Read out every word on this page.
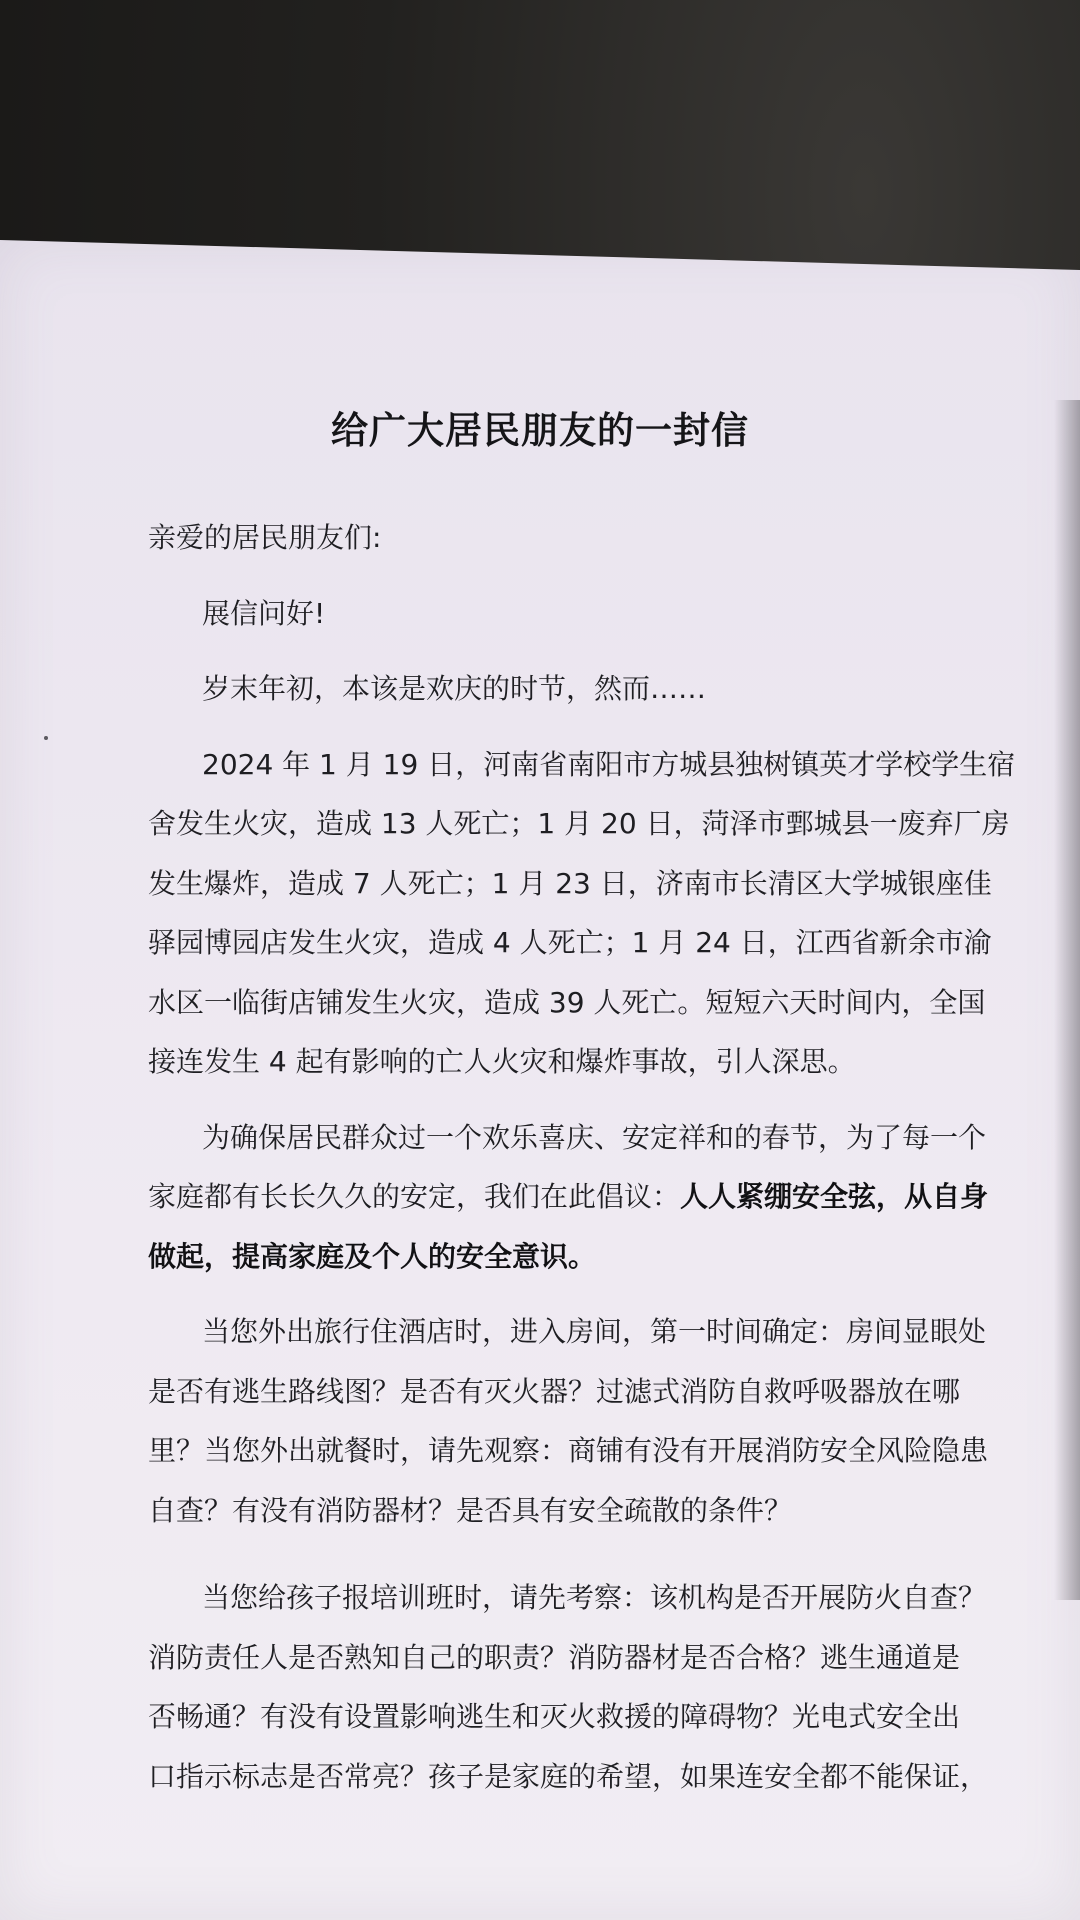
给广大居民朋友的一封信
亲爱的居民朋友们:
展信问好!
岁末年初，本该是欢庆的时节，然而……
2024 年 1 月 19 日，河南省南阳市方城县独树镇英才学校学生宿
舍发生火灾，造成 13 人死亡；1 月 20 日，菏泽市鄄城县一废弃厂房
发生爆炸，造成 7 人死亡；1 月 23 日，济南市长清区大学城银座佳
驿园博园店发生火灾，造成 4 人死亡；1 月 24 日，江西省新余市渝
水区一临街店铺发生火灾，造成 39 人死亡。短短六天时间内，全国
接连发生 4 起有影响的亡人火灾和爆炸事故，引人深思。
为确保居民群众过一个欢乐喜庆、安定祥和的春节，为了每一个
家庭都有长长久久的安定，我们在此倡议：人人紧绷安全弦，从自身
做起，提高家庭及个人的安全意识。
当您外出旅行住酒店时，进入房间，第一时间确定：房间显眼处
是否有逃生路线图？是否有灭火器？过滤式消防自救呼吸器放在哪
里？当您外出就餐时，请先观察：商铺有没有开展消防安全风险隐患
自查？有没有消防器材？是否具有安全疏散的条件？
当您给孩子报培训班时，请先考察：该机构是否开展防火自查？
消防责任人是否熟知自己的职责？消防器材是否合格？逃生通道是
否畅通？有没有设置影响逃生和灭火救援的障碍物？光电式安全出
口指示标志是否常亮？孩子是家庭的希望，如果连安全都不能保证，
